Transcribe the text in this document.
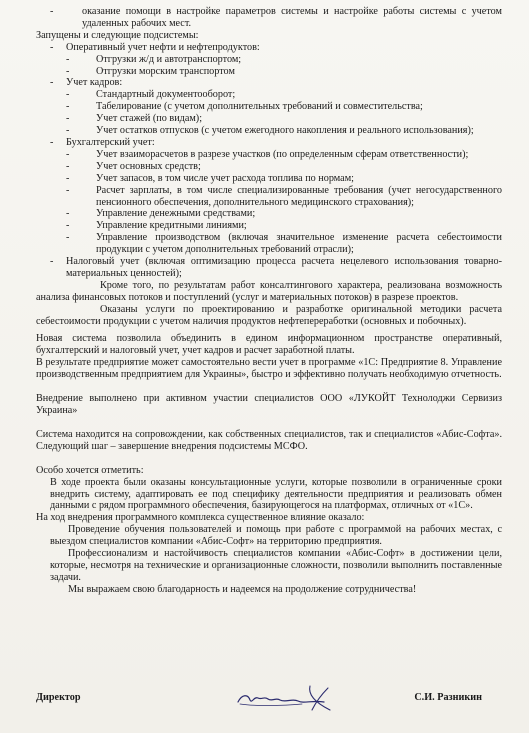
- оказание помощи в настройке параметров системы и настройке работы системы с учетом удаленных рабочих мест.
Запущены и следующие подсистемы:
- Оперативный учет нефти и нефтепродуктов:
- Отгрузки ж/д и автотранспортом;
- Отгрузки морским транспортом
- Учет кадров:
- Стандартный документооборот;
- Табелирование (с учетом дополнительных требований и совместительства;
- Учет стажей (по видам);
- Учет остатков отпусков (с учетом ежегодного накопления и реального использования);
- Бухгалтерский учет:
- Учет взаиморасчетов в разрезе участков (по определенным сферам ответственности);
- Учет основных средств;
- Учет запасов, в том числе учет расхода топлива по нормам;
- Расчет зарплаты, в том числе специализированные требования (учет негосударственного пенсионного обеспечения, дополнительного медицинского страхования);
- Управление денежными средствами;
- Управление кредитными линиями;
- Управление производством (включая значительное изменение расчета себестоимости продукции с учетом дополнительных требований отрасли);
- Налоговый учет (включая оптимизацию процесса расчета нецелевого использования товарно-материальных ценностей);
Кроме того, по результатам работ консалтингового характера, реализована возможность анализа финансовых потоков и поступлений (услуг и материальных потоков) в разрезе проектов.
Оказаны услуги по проектированию и разработке оригинальной методики расчета себестоимости продукции с учетом наличия продуктов нефтепереработки (основных и побочных).
Новая система позволила объединить в едином информационном пространстве оперативный, бухгалтерский и налоговый учет, учет кадров и расчет заработной платы.
В результате предприятие может самостоятельно вести учет в программе «1С: Предприятие 8. Управление производственным предприятием для Украины», быстро и эффективно получать необходимую отчетность.
Внедрение выполнено при активном участии специалистов ООО «ЛУКОЙТ Технолоджи Сервизиз Украина»
Система находится на сопровождении, как собственных специалистов, так и специалистов «Абис-Софта». Следующий шаг – завершение внедрения подсистемы МСФО.
Особо хочется отметить:
В ходе проекта были оказаны консультационные услуги, которые позволили в ограниченные сроки внедрить систему, адаптировать ее под специфику деятельности предприятия и реализовать обмен данными с рядом программного обеспечения, базирующегося на платформах, отличных от «1С».
На ход внедрения программного комплекса существенное влияние оказало:
Проведение обучения пользователей и помощь при работе с программой на рабочих местах, с выездом специалистов компании «Абис-Софт» на территорию предприятия.
Профессионализм и настойчивость специалистов компании «Абис-Софт» в достижении цели, которые, несмотря на технические и организационные сложности, позволили выполнить поставленные задачи.
Мы выражаем свою благодарность и надеемся на продолжение сотрудничества!
Директор	С.И. Разникин
